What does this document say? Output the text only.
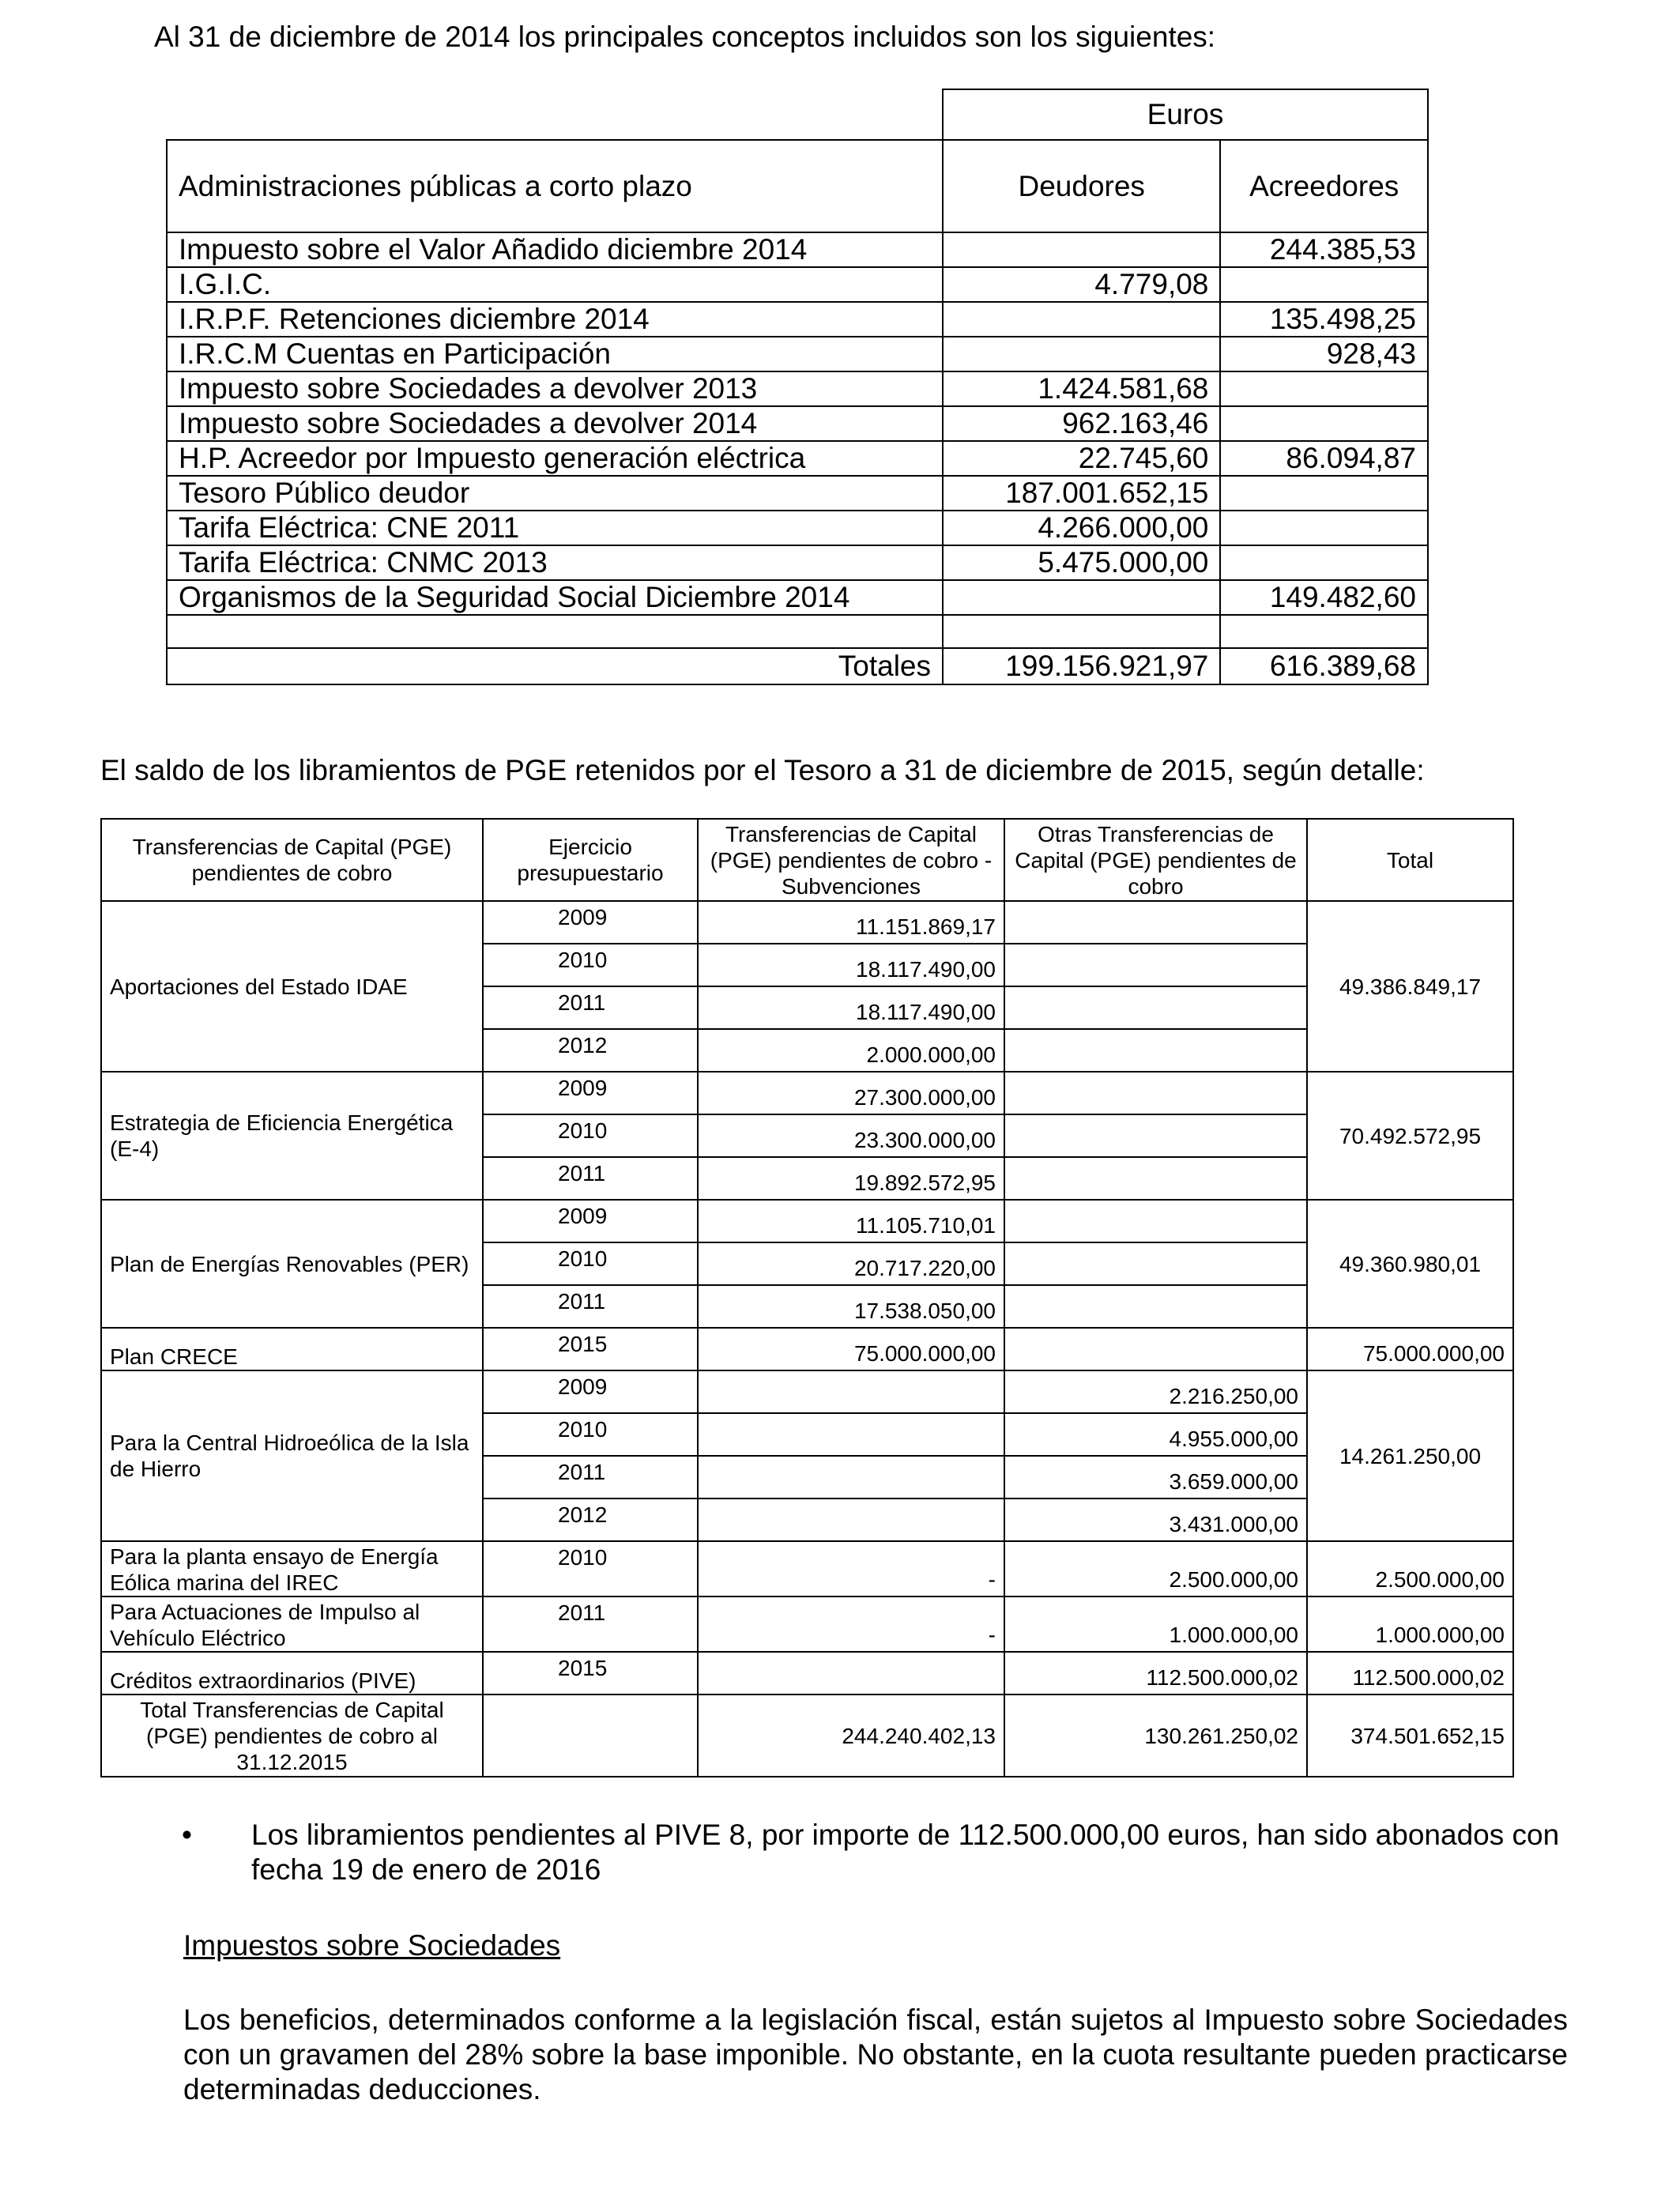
Al 31 de diciembre de 2014 los principales conceptos incluidos son los siguientes:
	Euros	
Administraciones públicas a corto plazo	Deudores	Acreedores
Impuesto sobre el Valor Añadido diciembre 2014		244.385,53
I.G.I.C.	4.779,08	
I.R.P.F. Retenciones diciembre 2014		135.498,25
I.R.C.M Cuentas en Participación		928,43
Impuesto sobre Sociedades a devolver 2013	1.424.581,68	
Impuesto sobre Sociedades a devolver 2014	962.163,46	
H.P. Acreedor por Impuesto generación eléctrica	22.745,60	86.094,87
Tesoro Público deudor	187.001.652,15	
Tarifa Eléctrica: CNE 2011	4.266.000,00	
Tarifa Eléctrica: CNMC 2013	5.475.000,00	
Organismos de la Seguridad Social Diciembre 2014		149.482,60

Totales	199.156.921,97	616.389,68
El saldo de los libramientos de PGE retenidos por el Tesoro a 31 de diciembre de 2015, según detalle:
Transferencias de Capital (PGE) pendientes de cobro	Ejercicio presupuestario	Transferencias de Capital (PGE) pendientes de cobro - Subvenciones	Otras Transferencias de Capital (PGE) pendientes de cobro	Total
Aportaciones del Estado IDAE	2009	11.151.869,17		49.386.849,17
	2010	18.117.490,00		
	2011	18.117.490,00		
	2012	2.000.000,00		
Estrategia de Eficiencia Energética (E-4)	2009	27.300.000,00		70.492.572,95
	2010	23.300.000,00		
	2011	19.892.572,95		
Plan de Energías Renovables (PER)	2009	11.105.710,01		49.360.980,01
	2010	20.717.220,00		
	2011	17.538.050,00		
Plan CRECE	2015	75.000.000,00		75.000.000,00
Para la Central Hidroeólica de la Isla de Hierro	2009		2.216.250,00	14.261.250,00
	2010		4.955.000,00	
	2011		3.659.000,00	
	2012		3.431.000,00	
Para la planta ensayo de Energía Eólica marina del IREC	2010	-	2.500.000,00	2.500.000,00
Para Actuaciones de Impulso al Vehículo Eléctrico	2011	-	1.000.000,00	1.000.000,00
Créditos extraordinarios (PIVE)	2015		112.500.000,02	112.500.000,02
Total Transferencias de Capital (PGE) pendientes de cobro al 31.12.2015		244.240.402,13	130.261.250,02	374.501.652,15
• Los libramientos pendientes al PIVE 8, por importe de 112.500.000,00 euros, han sido abonados con fecha 19 de enero de 2016
Impuestos sobre Sociedades
Los beneficios, determinados conforme a la legislación fiscal, están sujetos al Impuesto sobre Sociedades con un gravamen del 28% sobre la base imponible. No obstante, en la cuota resultante pueden practicarse determinadas deducciones.
